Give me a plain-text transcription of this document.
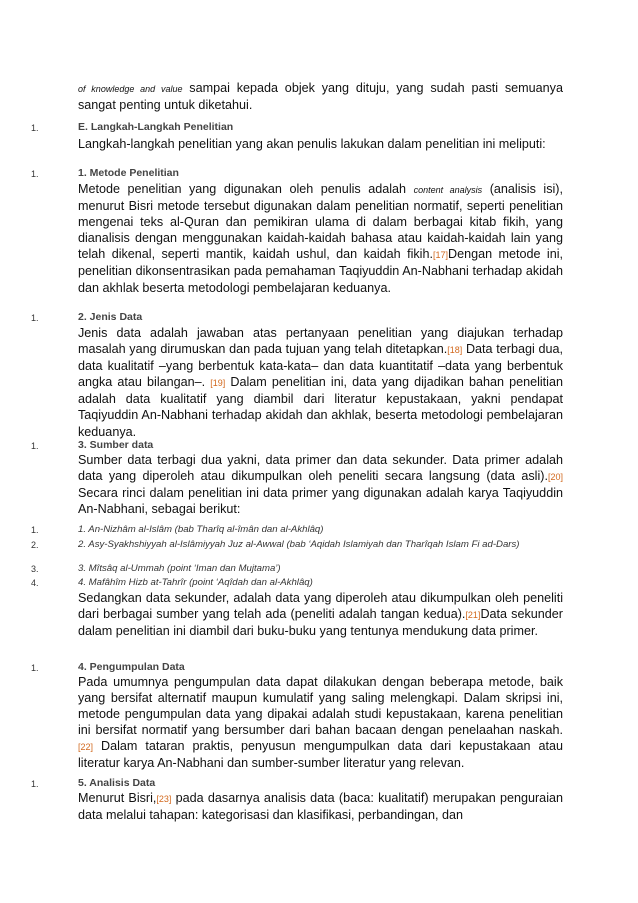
of knowledge and value sampai kepada objek yang dituju, yang sudah pasti semuanya sangat penting untuk diketahui.

1.	E. Langkah-Langkah Penelitian

Langkah-langkah penelitian yang akan penulis lakukan dalam penelitian ini meliputi:

1.	1. Metode Penelitian

Metode penelitian yang digunakan oleh penulis adalah content analysis (analisis isi), menurut Bisri metode tersebut digunakan dalam penelitian normatif, seperti penelitian mengenai teks al-Quran dan pemikiran ulama di dalam berbagai kitab fikih, yang dianalisis dengan menggunakan kaidah-kaidah bahasa atau kaidah-kaidah lain yang telah dikenal, seperti mantik, kaidah ushul, dan kaidah fikih.[17]Dengan metode ini, penelitian dikonsentrasikan pada pemahaman Taqiyuddin An-Nabhani terhadap akidah dan akhlak beserta metodologi pembelajaran keduanya.

1.	2. Jenis Data

Jenis data adalah jawaban atas pertanyaan penelitian yang diajukan terhadap masalah yang dirumuskan dan pada tujuan yang telah ditetapkan.[18] Data terbagi dua, data kualitatif –yang berbentuk kata-kata– dan data kuantitatif –data yang berbentuk angka atau bilangan–. [19] Dalam penelitian ini, data yang dijadikan bahan penelitian adalah data kualitatif yang diambil dari literatur kepustakaan, yakni pendapat Taqiyuddin An-Nabhani terhadap akidah dan akhlak, beserta metodologi pembelajaran keduanya.

1.	3. Sumber data

Sumber data terbagi dua yakni, data primer dan data sekunder. Data primer adalah data yang diperoleh atau dikumpulkan oleh peneliti secara langsung (data asli).[20] Secara rinci dalam penelitian ini data primer yang digunakan adalah karya Taqiyuddin An-Nabhani, sebagai berikut:

1.	1. An-Nizhâm al-Islâm (bab Tharîq al-îmân dan al-Akhlâq)
2.	2. Asy-Syakhshiyyah al-Islâmiyyah Juz al-Awwal (bab ‘Aqidah Islamiyah dan Tharîqah Islam Fi ad-Dars)
3.	3. Mîtsâq al-Ummah (point ‘Iman dan Mujtama’)
4.	4. Mafâhîm Hizb at-Tahrîr (point ‘Aqîdah dan al-Akhlâq)

Sedangkan data sekunder, adalah data yang diperoleh atau dikumpulkan oleh peneliti dari berbagai sumber yang telah ada (peneliti adalah tangan kedua).[21]Data sekunder dalam penelitian ini diambil dari buku-buku yang tentunya mendukung data primer.

1.	4. Pengumpulan Data

Pada umumnya pengumpulan data dapat dilakukan dengan beberapa metode, baik yang bersifat alternatif maupun kumulatif yang saling melengkapi. Dalam skripsi ini, metode pengumpulan data yang dipakai adalah studi kepustakaan, karena penelitian ini bersifat normatif yang bersumber dari bahan bacaan dengan penelaahan naskah.[22] Dalam tataran praktis, penyusun mengumpulkan data dari kepustakaan atau literatur karya An-Nabhani dan sumber-sumber literatur yang relevan.

1.	5. Analisis Data

Menurut Bisri,[23] pada dasarnya analisis data (baca: kualitatif) merupakan penguraian data melalui tahapan: kategorisasi dan klasifikasi, perbandingan, dan
